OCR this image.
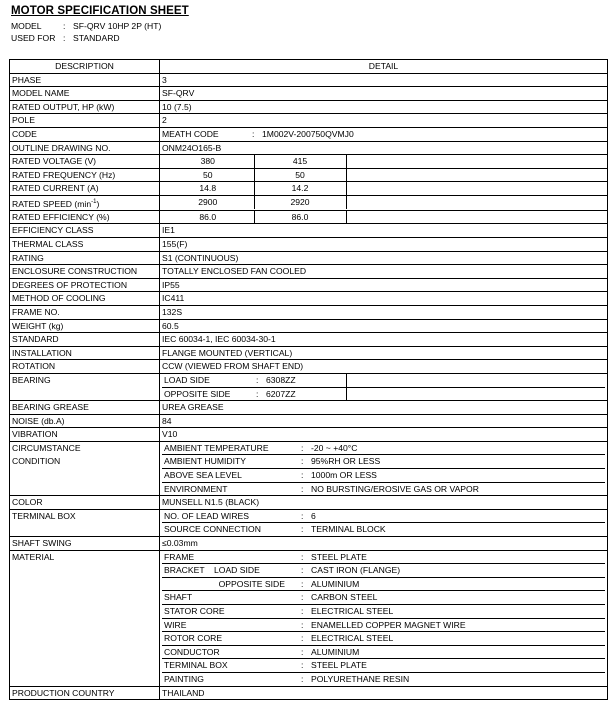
MOTOR SPECIFICATION SHEET
MODEL : SF-QRV 10HP 2P (HT)
USED FOR : STANDARD
DESCRIPTION	DETAIL
PHASE	3
MODEL NAME	SF-QRV
RATED OUTPUT, HP (kW)	10 (7.5)
POLE	2
CODE	MEATH CODE	: 1M002V-200750QVMJ0
OUTLINE DRAWING NO.	ONM24O165-B
RATED VOLTAGE (V)		380	415	

RATED FREQUENCY (Hz)		50	50	

RATED CURRENT (A)		14.8	14.2	

RATED SPEED $(\min^{-1})$		2900	2920	

RATED EFFICIENCY (%)		86.0	86.0	

EFFICIENCY CLASS	IE1
THERMAL CLASS	155(F)
RATING	S1 (CONTINUOUS)
ENCLOSURE CONSTRUCTION	TOTALLY ENCLOSED FAN COOLED
DEGREES OF PROTECTION	IP55
METHOD OF COOLING	IC411
FRAME NO.	132S
WEIGHT (kg)	60.5
STANDARD	IEC 60034-1, IEC 60034-30-1
INSTALLATION	FLANGE MOUNTED (VERTICAL)
ROTATION	CCW (VIEWED FROM SHAFT END)
BEARING		LOAD SIDE	: 6308ZZ	
OPPOSITE SIDE	: 6207ZZ	

BEARING GREASE	UREA GREASE
NOISE (db.A)	84
VIBRATION	V10

CIRCUMSTANCE
CONDITION

AMBIENT TEMPERATURE	: -20 ~ +40°C
AMBIENT HUMIDITY	: 95%RH OR LESS
ABOVE SEA LEVEL	: 1000m OR LESS
ENVIRONMENT	: NO BURSTING/EROSIVE GAS OR VAPOR

COLOR	MUNSELL N1.5 (BLACK)
TERMINAL BOX		NO. OF LEAD WIRES	: 6
SOURCE CONNECTION	: TERMINAL BLOCK

SHAFT SWING	≤0.03mm
MATERIAL		FRAME	: STEEL PLATE
BRACKET    LOAD SIDE	: CAST IRON (FLANGE)
OPPOSITE SIDE	: ALUMINIUM
SHAFT	: CARBON STEEL
STATOR CORE	: ELECTRICAL STEEL
WIRE	: ENAMELLED COPPER MAGNET WIRE
ROTOR CORE	: ELECTRICAL STEEL
CONDUCTOR	: ALUMINIUM
TERMINAL BOX	: STEEL PLATE
PAINTING	: POLYURETHANE RESIN

PRODUCTION COUNTRY	THAILAND
